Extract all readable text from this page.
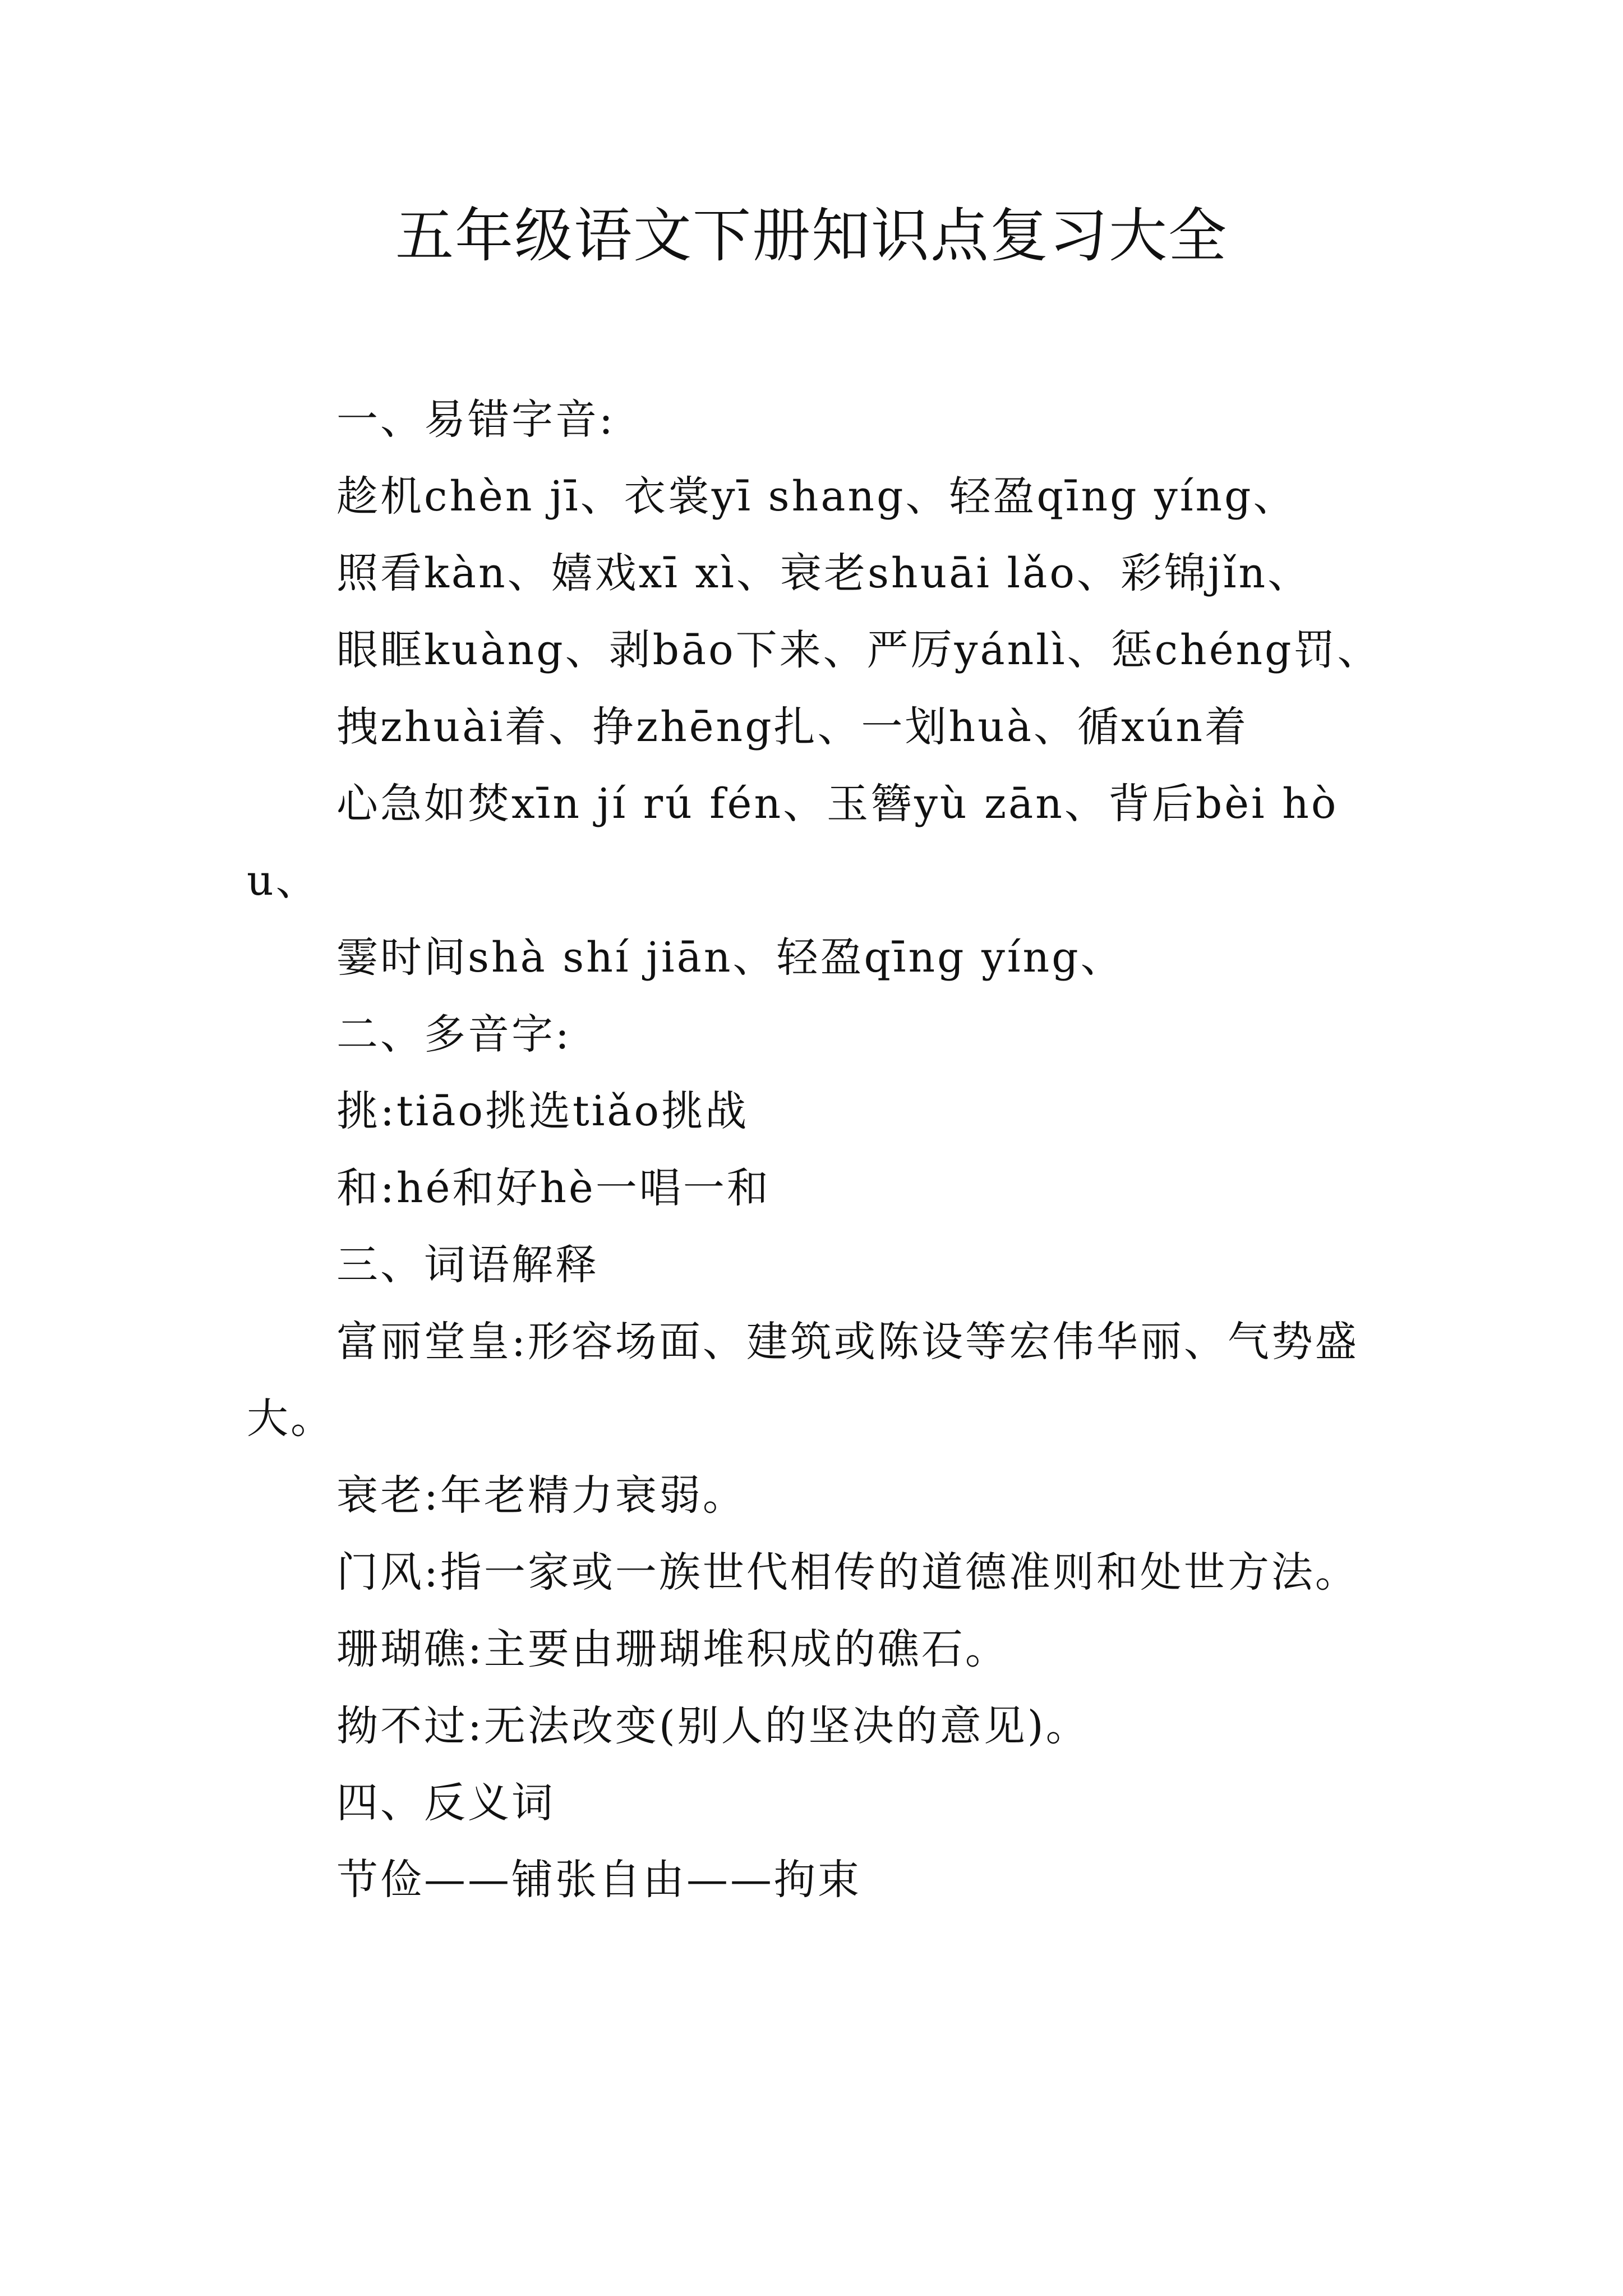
五年级语文下册知识点复习大全

一、易错字音:

趁机chèn jī、衣裳yī shang、轻盈qīng yíng、

照看kàn、嬉戏xī xì、衰老shuāi lǎo、彩锦jǐn、

眼眶kuàng、剥bāo下来、严厉yánlì、惩chéng罚、

拽zhuài着、挣zhēng扎、一划huà、循xún着

心急如焚xīn jí rú fén、玉簪yù zān、背后bèi hòu、

霎时间shà shí jiān、轻盈qīng yíng、

二、多音字:

挑:tiāo挑选tiǎo挑战

和:hé和好hè一唱一和

三、词语解释

富丽堂皇:形容场面、建筑或陈设等宏伟华丽、气势盛大。

衰老:年老精力衰弱。

门风:指一家或一族世代相传的道德准则和处世方法。

珊瑚礁:主要由珊瑚堆积成的礁石。

拗不过:无法改变(别人的坚决的意见)。

四、反义词

节俭——铺张自由——拘束
